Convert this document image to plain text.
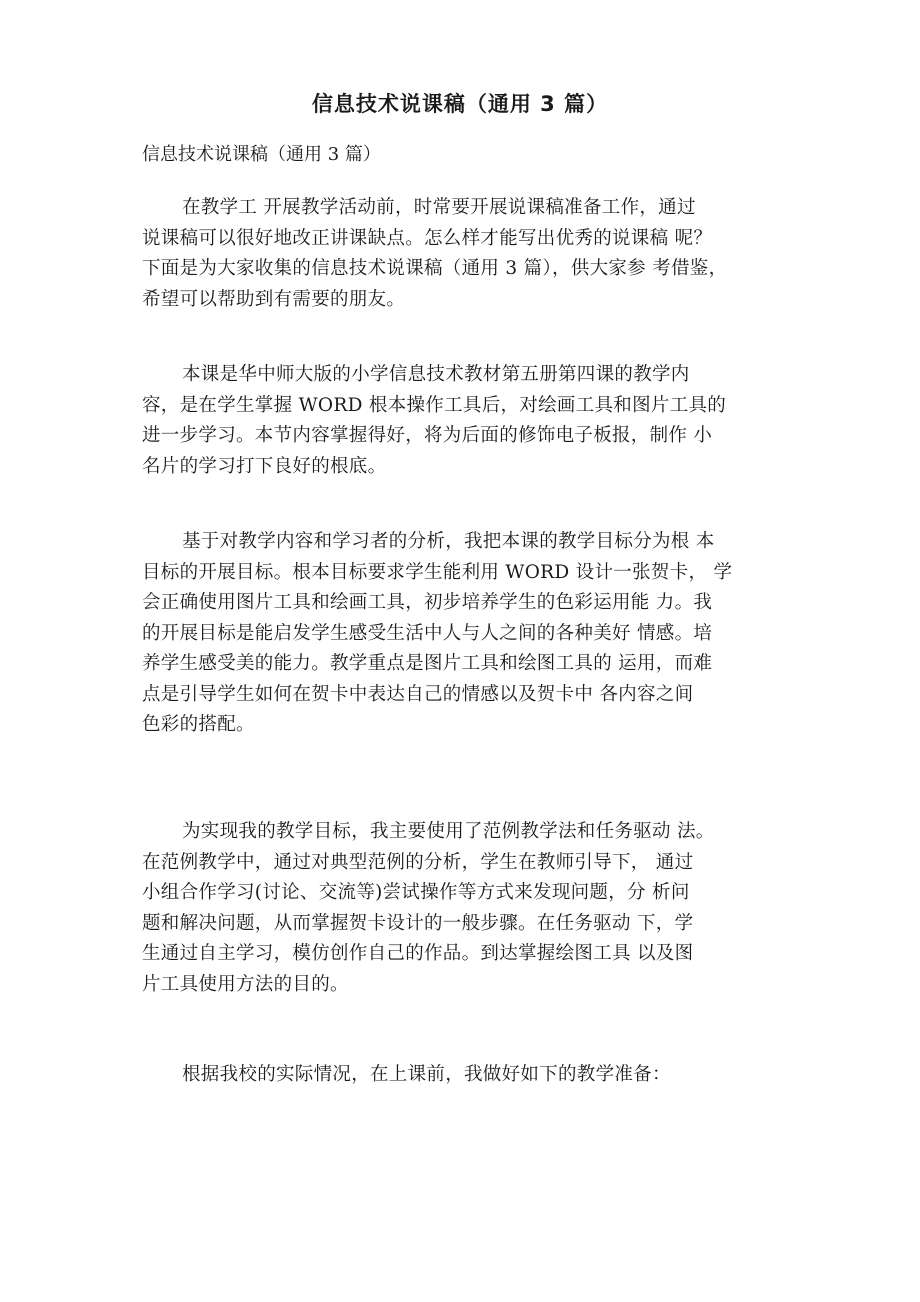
信息技术说课稿（通用 3 篇）
信息技术说课稿（通用 3 篇）
在教学工 开展教学活动前，时常要开展说课稿准备工作，通过
说课稿可以很好地改正讲课缺点。怎么样才能写出优秀的说课稿 呢？
下面是为大家收集的信息技术说课稿（通用 3 篇），供大家参 考借鉴，
希望可以帮助到有需要的朋友。
本课是华中师大版的小学信息技术教材第五册第四课的教学内
容，是在学生掌握 WORD 根本操作工具后，对绘画工具和图片工具的
进一步学习。本节内容掌握得好，将为后面的修饰电子板报，制作 小
名片的学习打下良好的根底。
基于对教学内容和学习者的分析，我把本课的教学目标分为根 本
目标的开展目标。根本目标要求学生能利用 WORD 设计一张贺卡， 学
会正确使用图片工具和绘画工具，初步培养学生的色彩运用能 力。我
的开展目标是能启发学生感受生活中人与人之间的各种美好 情感。培
养学生感受美的能力。教学重点是图片工具和绘图工具的 运用，而难
点是引导学生如何在贺卡中表达自己的情感以及贺卡中 各内容之间
色彩的搭配。
为实现我的教学目标，我主要使用了范例教学法和任务驱动 法。
在范例教学中，通过对典型范例的分析，学生在教师引导下， 通过
小组合作学习(讨论、交流等)尝试操作等方式来发现问题，分 析问
题和解决问题，从而掌握贺卡设计的一般步骤。在任务驱动 下，学
生通过自主学习，模仿创作自己的作品。到达掌握绘图工具 以及图
片工具使用方法的目的。
根据我校的实际情况，在上课前，我做好如下的教学准备：
